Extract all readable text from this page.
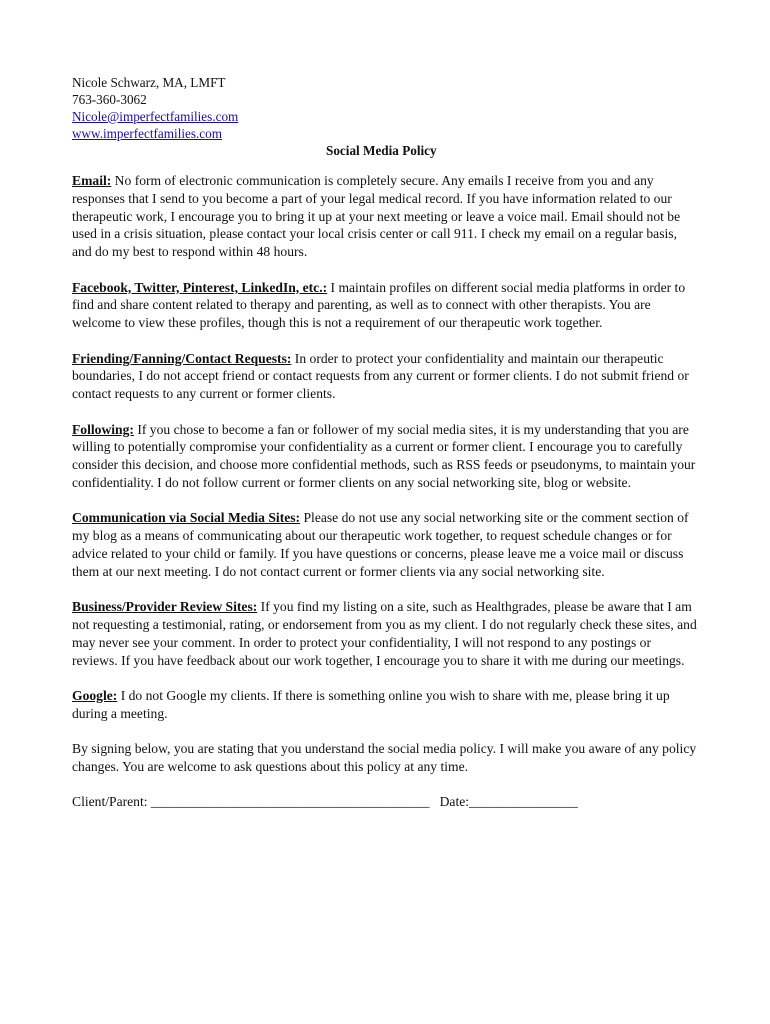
Nicole Schwarz, MA, LMFT

763-360-3062

Nicole@imperfectfamilies.com

www.imperfectfamilies.com

Social Media Policy

Email: No form of electronic communication is completely secure. Any emails I receive from you and any responses that I send to you become a part of your legal medical record. If you have information related to our therapeutic work, I encourage you to bring it up at your next meeting or leave a voice mail. Email should not be used in a crisis situation, please contact your local crisis center or call 911. I check my email on a regular basis, and do my best to respond within 48 hours.

Facebook, Twitter, Pinterest, LinkedIn, etc.: I maintain profiles on different social media platforms in order to find and share content related to therapy and parenting, as well as to connect with other therapists. You are welcome to view these profiles, though this is not a requirement of our therapeutic work together.

Friending/Fanning/Contact Requests: In order to protect your confidentiality and maintain our therapeutic boundaries, I do not accept friend or contact requests from any current or former clients. I do not submit friend or contact requests to any current or former clients.

Following: If you chose to become a fan or follower of my social media sites, it is my understanding that you are willing to potentially compromise your confidentiality as a current or former client. I encourage you to carefully consider this decision, and choose more confidential methods, such as RSS feeds or pseudonyms, to maintain your confidentiality. I do not follow current or former clients on any social networking site, blog or website.

Communication via Social Media Sites: Please do not use any social networking site or the comment section of my blog as a means of communicating about our therapeutic work together, to request schedule changes or for advice related to your child or family. If you have questions or concerns, please leave me a voice mail or discuss them at our next meeting. I do not contact current or former clients via any social networking site.

Business/Provider Review Sites: If you find my listing on a site, such as Healthgrades, please be aware that I am not requesting a testimonial, rating, or endorsement from you as my client. I do not regularly check these sites, and may never see your comment. In order to protect your confidentiality, I will not respond to any postings or reviews. If you have feedback about our work together, I encourage you to share it with me during our meetings.

Google: I do not Google my clients. If there is something online you wish to share with me, please bring it up during a meeting.

By signing below, you are stating that you understand the social media policy. I will make you aware of any policy changes. You are welcome to ask questions about this policy at any time.

Client/Parent: _________________________________________ Date:________________
